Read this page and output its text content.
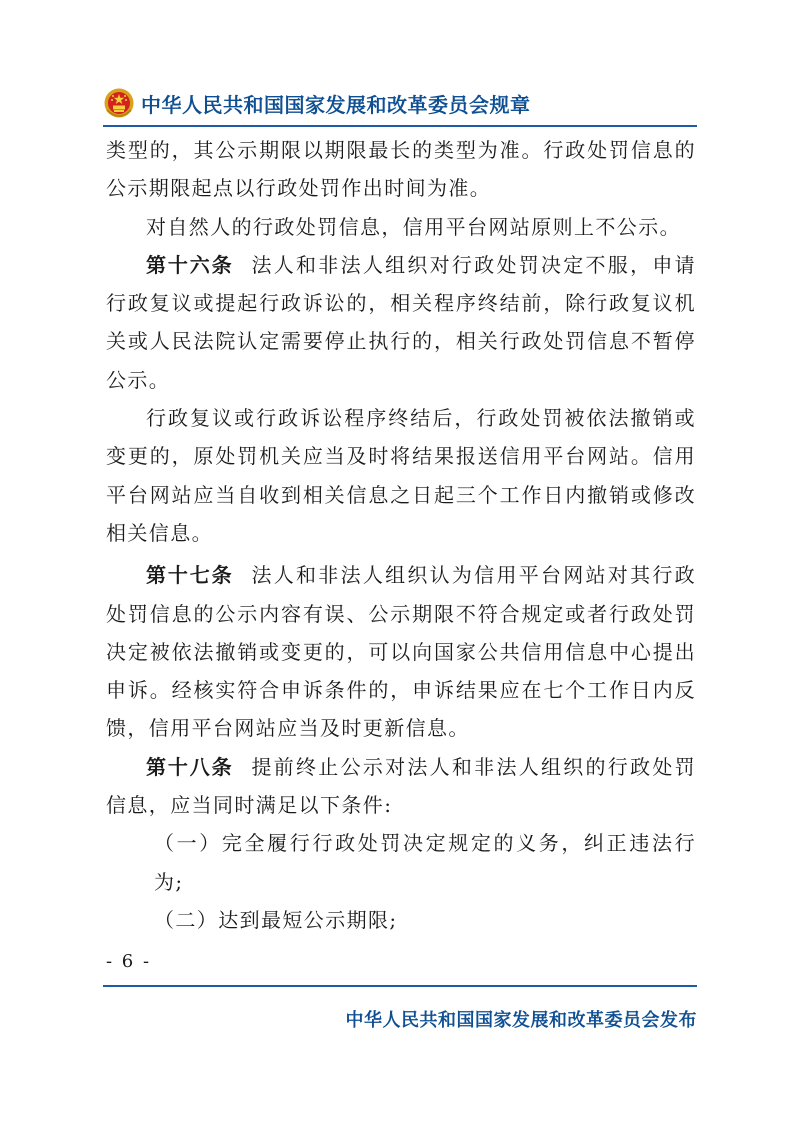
中华人民共和国国家发展和改革委员会规章

类型的，其公示期限以期限最长的类型为准。行政处罚信息的公示期限起点以行政处罚作出时间为准。

对自然人的行政处罚信息，信用平台网站原则上不公示。

第十六条 法人和非法人组织对行政处罚决定不服，申请行政复议或提起行政诉讼的，相关程序终结前，除行政复议机关或人民法院认定需要停止执行的，相关行政处罚信息不暂停公示。

行政复议或行政诉讼程序终结后，行政处罚被依法撤销或变更的，原处罚机关应当及时将结果报送信用平台网站。信用平台网站应当自收到相关信息之日起三个工作日内撤销或修改相关信息。

第十七条 法人和非法人组织认为信用平台网站对其行政处罚信息的公示内容有误、公示期限不符合规定或者行政处罚决定被依法撤销或变更的，可以向国家公共信用信息中心提出申诉。经核实符合申诉条件的，申诉结果应在七个工作日内反馈，信用平台网站应当及时更新信息。

第十八条 提前终止公示对法人和非法人组织的行政处罚信息，应当同时满足以下条件:

（一）完全履行行政处罚决定规定的义务，纠正违法行为;

（二）达到最短公示期限;

- 6 -
中华人民共和国国家发展和改革委员会发布
